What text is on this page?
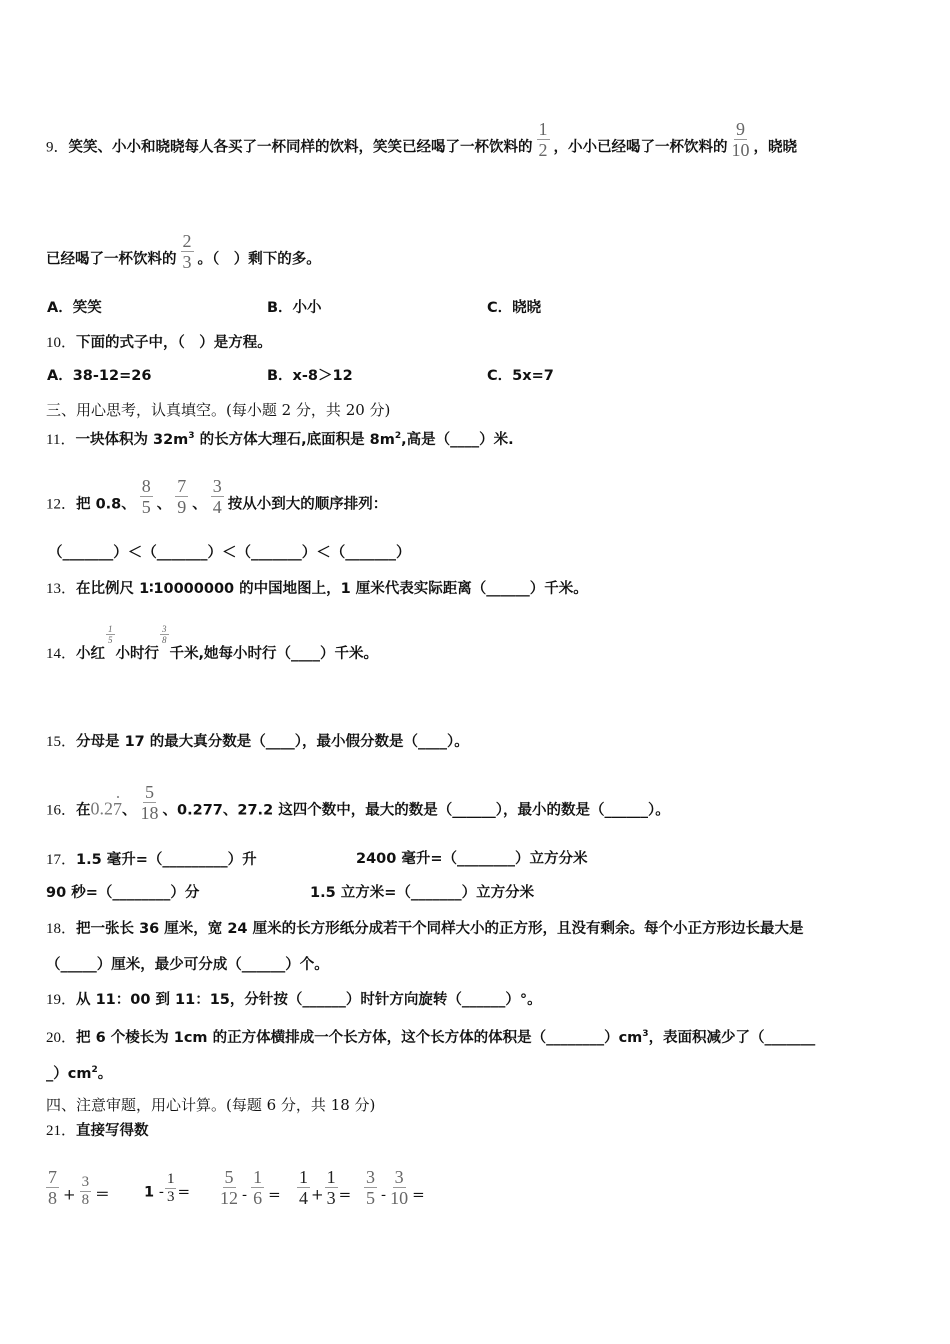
9．笑笑、小小和晓晓每人各买了一杯同样的饮料，笑笑已经喝了一杯饮料的 $\frac{1}{2}$ ，小小已经喝了一杯饮料的 $\frac{9}{10}$ ，晓晓
已经喝了一杯饮料的 $\frac{2}{3}$ 。（　）剩下的多。
A．笑笑	B．小小	C．晓晓
10．下面的式子中，（　）是方程。
A．38-12=26	B．x-8＞12	C．5x=7
三、用心思考，认真填空。(每小题 2 分，共 20 分)
11．一块体积为 $32m^3$ 的长方体大理石,底面积是 $8m^2$,高是（____）米.
12．把 0.8、 $\frac{8}{5}$ 、 $\frac{7}{9}$ 、 $\frac{3}{4}$ 按从小到大的顺序排列：
（_______）＜（_______）＜（_______）＜（_______）
13．在比例尺 1∶10000000 的中国地图上，1 厘米代表实际距离（______）千米。
14．小红
$\frac{1}{5}$
小时行
$\frac{3}{8}$
千米,她每小时行（____）千米。
15．分母是 17 的最大真分数是（____），最小假分数是（____）。
16．在0.2· 7、 $\frac{5}{18}$ 、0.277、27.2 这四个数中，最大的数是（______），最小的数是（______）。
17．1.5 毫升=（_________）升	2400 毫升=（________）立方分米
90 秒=（________）分	1.5 立方米=（_______）立方分米
18．把一张长 36 厘米，宽 24 厘米的长方形纸分成若干个同样大小的正方形，且没有剩余。每个小正方形边长最大是
（_____）厘米，最少可分成（______）个。
19．从 11：00 到 11：15，分针按（______）时针方向旋转（______）°。
20．把 6 个棱长为 1cm 的正方体横排成一个长方体，这个长方体的体积是$(\_\_\_\_\_\_\_\_)cm^3$，表面积减少了（_______
$\_)cm^2$。
四、注意审题，用心计算。(每题 6 分，共 18 分)
21．直接写得数
$\frac{7}{8} + \frac{3}{8} = 1 - \frac{1}{3} = \frac{5}{12} - \frac{1}{6} = \frac{1}{4} + \frac{1}{3} = \frac{3}{5} - \frac{3}{10}$ =
